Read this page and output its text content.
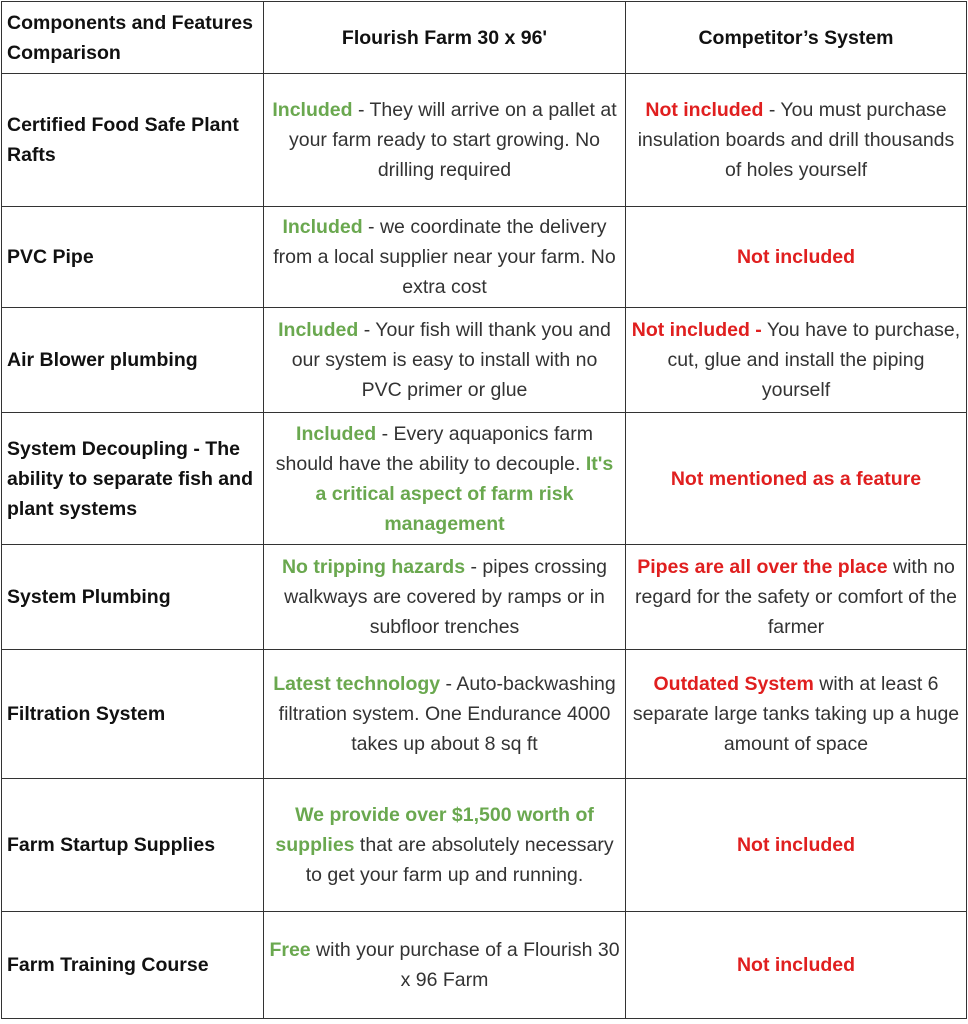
Components and Features Comparison	Flourish Farm 30 x 96'	Competitor’s System
Certified Food Safe Plant Rafts	Included - They will arrive on a pallet at your farm ready to start growing. No drilling required	Not included - You must purchase insulation boards and drill thousands of holes yourself
PVC Pipe	Included - we coordinate the delivery from a local supplier near your farm. No extra cost	Not included
Air Blower plumbing	Included - Your fish will thank you and our system is easy to install with no PVC primer or glue	Not included - You have to purchase, cut, glue and install the piping yourself
System Decoupling - The ability to separate fish and plant systems	Included - Every aquaponics farm should have the ability to decouple. It's a critical aspect of farm risk management	Not mentioned as a feature
System Plumbing	No tripping hazards - pipes crossing walkways are covered by ramps or in subfloor trenches	Pipes are all over the place with no regard for the safety or comfort of the farmer
Filtration System	Latest technology - Auto-backwashing filtration system. One Endurance 4000 takes up about 8 sq ft	Outdated System with at least 6 separate large tanks taking up a huge amount of space
Farm Startup Supplies	We provide over $1,500 worth of supplies that are absolutely necessary to get your farm up and running.	Not included
Farm Training Course	Free with your purchase of a Flourish 30 x 96 Farm	Not included
